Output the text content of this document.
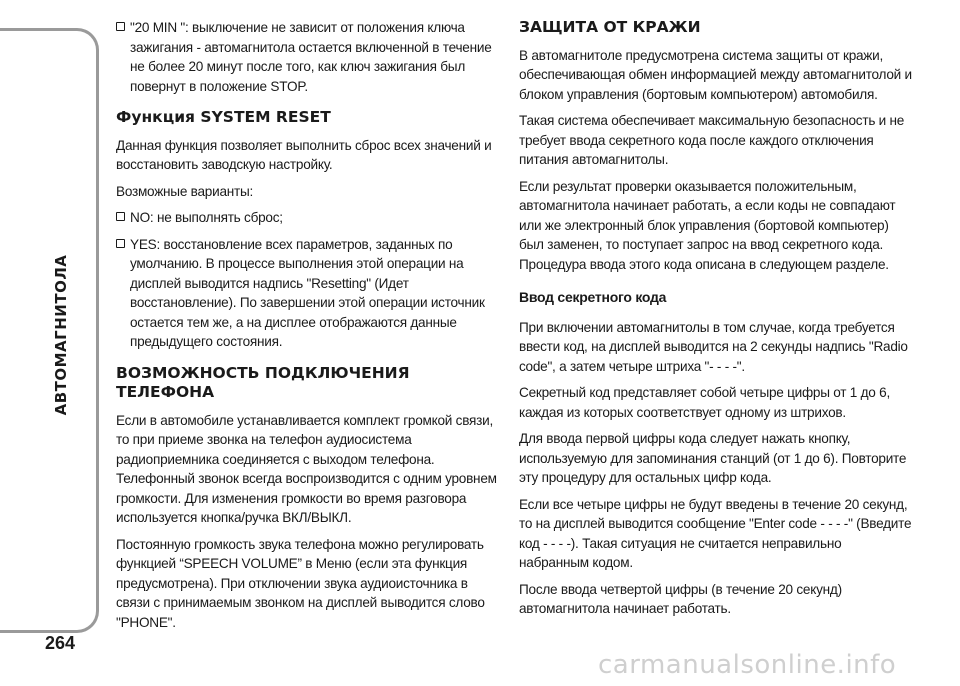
АВТОМАГНИТОЛА
264
"20 MIN ": выключение не зависит от положения ключа зажигания - автомагнитола остается включенной в течение не более 20 минут после того, как ключ зажигания был повернут в положение STOP.
Функция SYSTEM RESET

Данная функция позволяет выполнить сброс всех значений и восстановить заводскую настройку.

Возможные варианты:

NO: не выполнять сброс;
YES: восстановление всех параметров, заданных по умолчанию. В процессе выполнения этой операции на дисплей выводится надпись "Resetting" (Идет восстановление). По завершении этой операции источник остается тем же, а на дисплее отображаются данные предыдущего состояния.
ВОЗМОЖНОСТЬ ПОДКЛЮЧЕНИЯ ТЕЛЕФОНА

Если в автомобиле устанавливается комплект громкой связи, то при приеме звонка на телефон аудиосистема радиоприемника соединяется с выходом телефона. Телефонный звонок всегда воспроизводится с одним уровнем громкости. Для изменения громкости во время разговора используется кнопка/ручка ВКЛ/ВЫКЛ.

Постоянную громкость звука телефона можно регулировать функцией “SPEECH VOLUME” в Меню (если эта функция предусмотрена). При отключении звука аудиоисточника в связи с принимаемым звонком на дисплей выводится слово "PHONE".

ЗАЩИТА ОТ КРАЖИ

В автомагнитоле предусмотрена система защиты от кражи, обеспечивающая обмен информацией между автомагнитолой и блоком управления (бортовым компьютером) автомобиля.

Такая система обеспечивает максимальную безопасность и не требует ввода секретного кода после каждого отключения питания автомагнитолы.

Если результат проверки оказывается положительным, автомагнитола начинает работать, а если коды не совпадают или же электронный блок управления (бортовой компьютер) был заменен, то поступает запрос на ввод секретного кода. Процедура ввода этого кода описана в следующем разделе.

Ввод секретного кода

При включении автомагнитолы в том случае, когда требуется ввести код, на дисплей выводится на 2 секунды надпись "Radio code", а затем четыре штриха "- - - -".

Секретный код представляет собой четыре цифры от 1 до 6, каждая из которых соответствует одному из штрихов.

Для ввода первой цифры кода следует нажать кнопку, используемую для запоминания станций (от 1 до 6). Повторите эту процедуру для остальных цифр кода.

Если все четыре цифры не будут введены в течение 20 секунд, то на дисплей выводится сообщение "Enter code - - - -" (Введите код - - - -). Такая ситуация не считается неправильно набранным кодом.

После ввода четвертой цифры (в течение 20 секунд) автомагнитола начинает работать.

carmanualsonline.info
